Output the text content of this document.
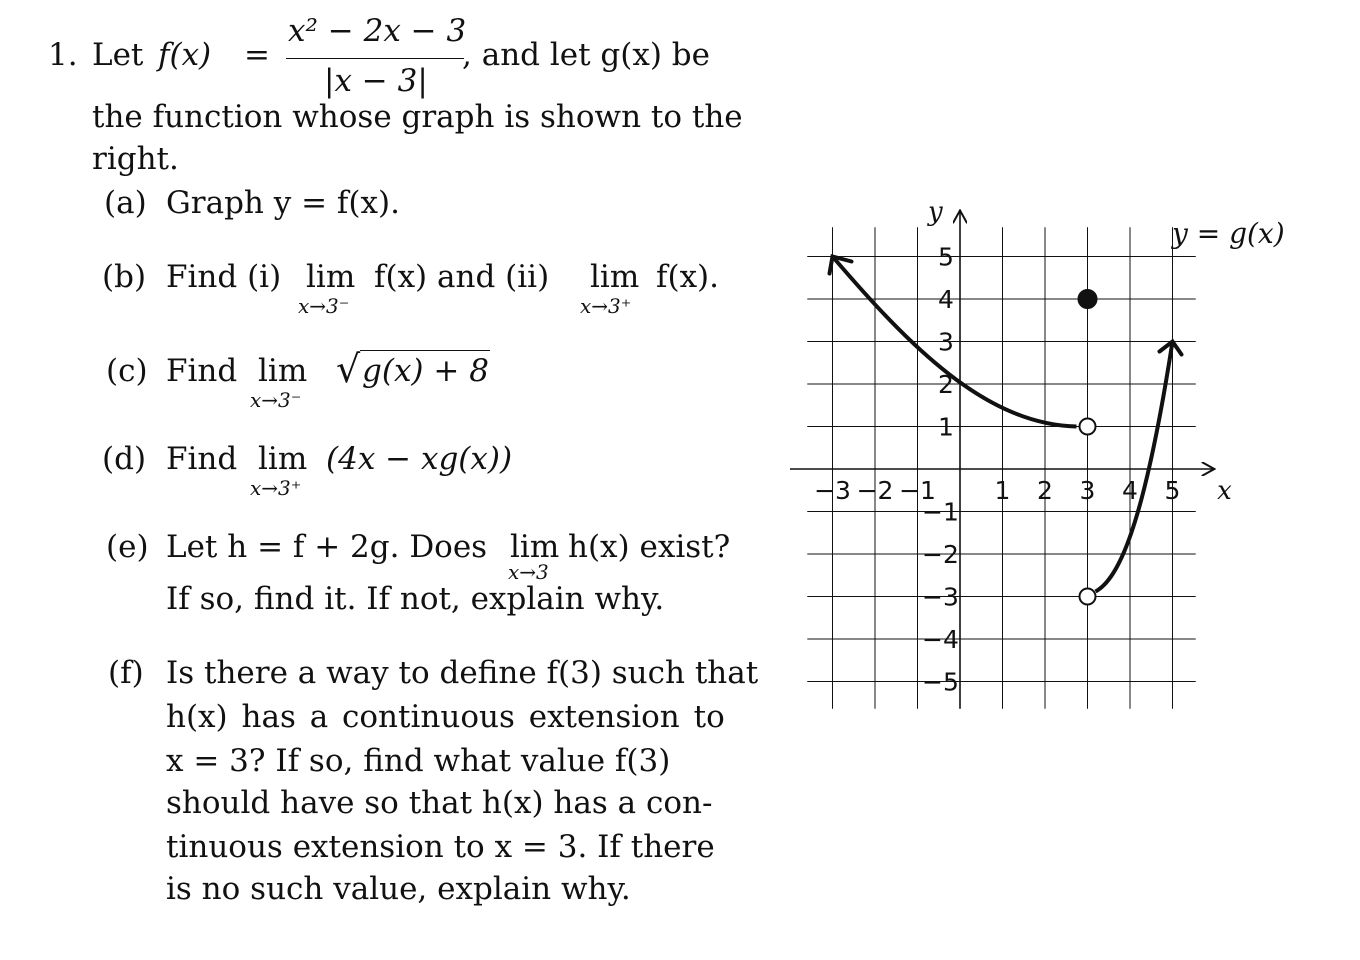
1. Let f(x) =
x² − 2x − 3
|x − 3|
, and let g(x) be
the function whose graph is shown to the
right.
(a) Graph y = f(x).
(b) Find (i) lim
x→3⁻
f(x) and (ii) lim
x→3⁺
f(x).
(c) Find lim
x→3⁻
√ g(x) + 8
(d) Find lim
x→3⁺
(4x − xg(x))
(e) Let h = f + 2g. Does lim
x→3
h(x) exist?
If so, find it. If not, explain why.
(f) Is there a way to define f(3) such that
h(x) has a continuous extension to
x = 3? If so, find what value f(3)
should have so that h(x) has a con-
tinuous extension to x = 3. If there
is no such value, explain why.
−3 −2 −1 1 2 3 4 5
1
2
3
4
5
−1
−2
−3
−4
−5
x
y
y = g(x)
